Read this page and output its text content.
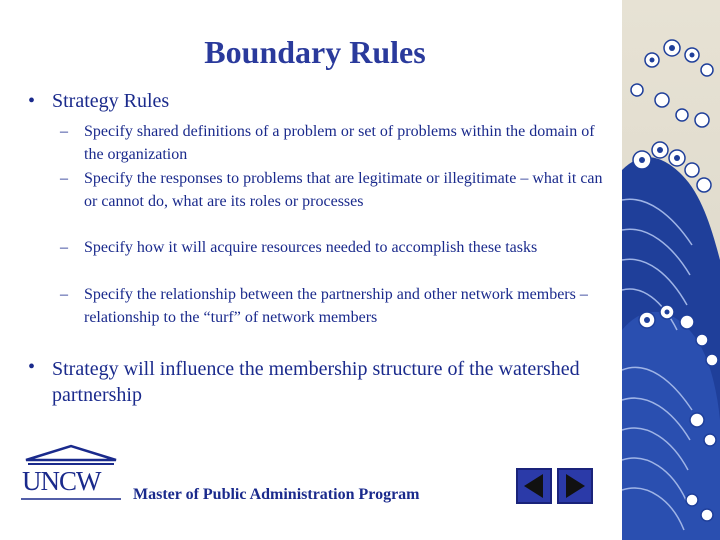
Boundary Rules
• Strategy Rules
–	Specify shared definitions of a problem or set of problems within the domain of the organization
–	Specify the responses to problems that are legitimate or illegitimate – what it can or cannot do, what are its roles or processes
–	Specify how it will acquire resources needed to accomplish these tasks
–	Specify the relationship between the partnership and other network members – relationship to the “turf” of network members
• Strategy will influence the membership structure of the watershed partnership
UNCW Master of Public Administration Program
